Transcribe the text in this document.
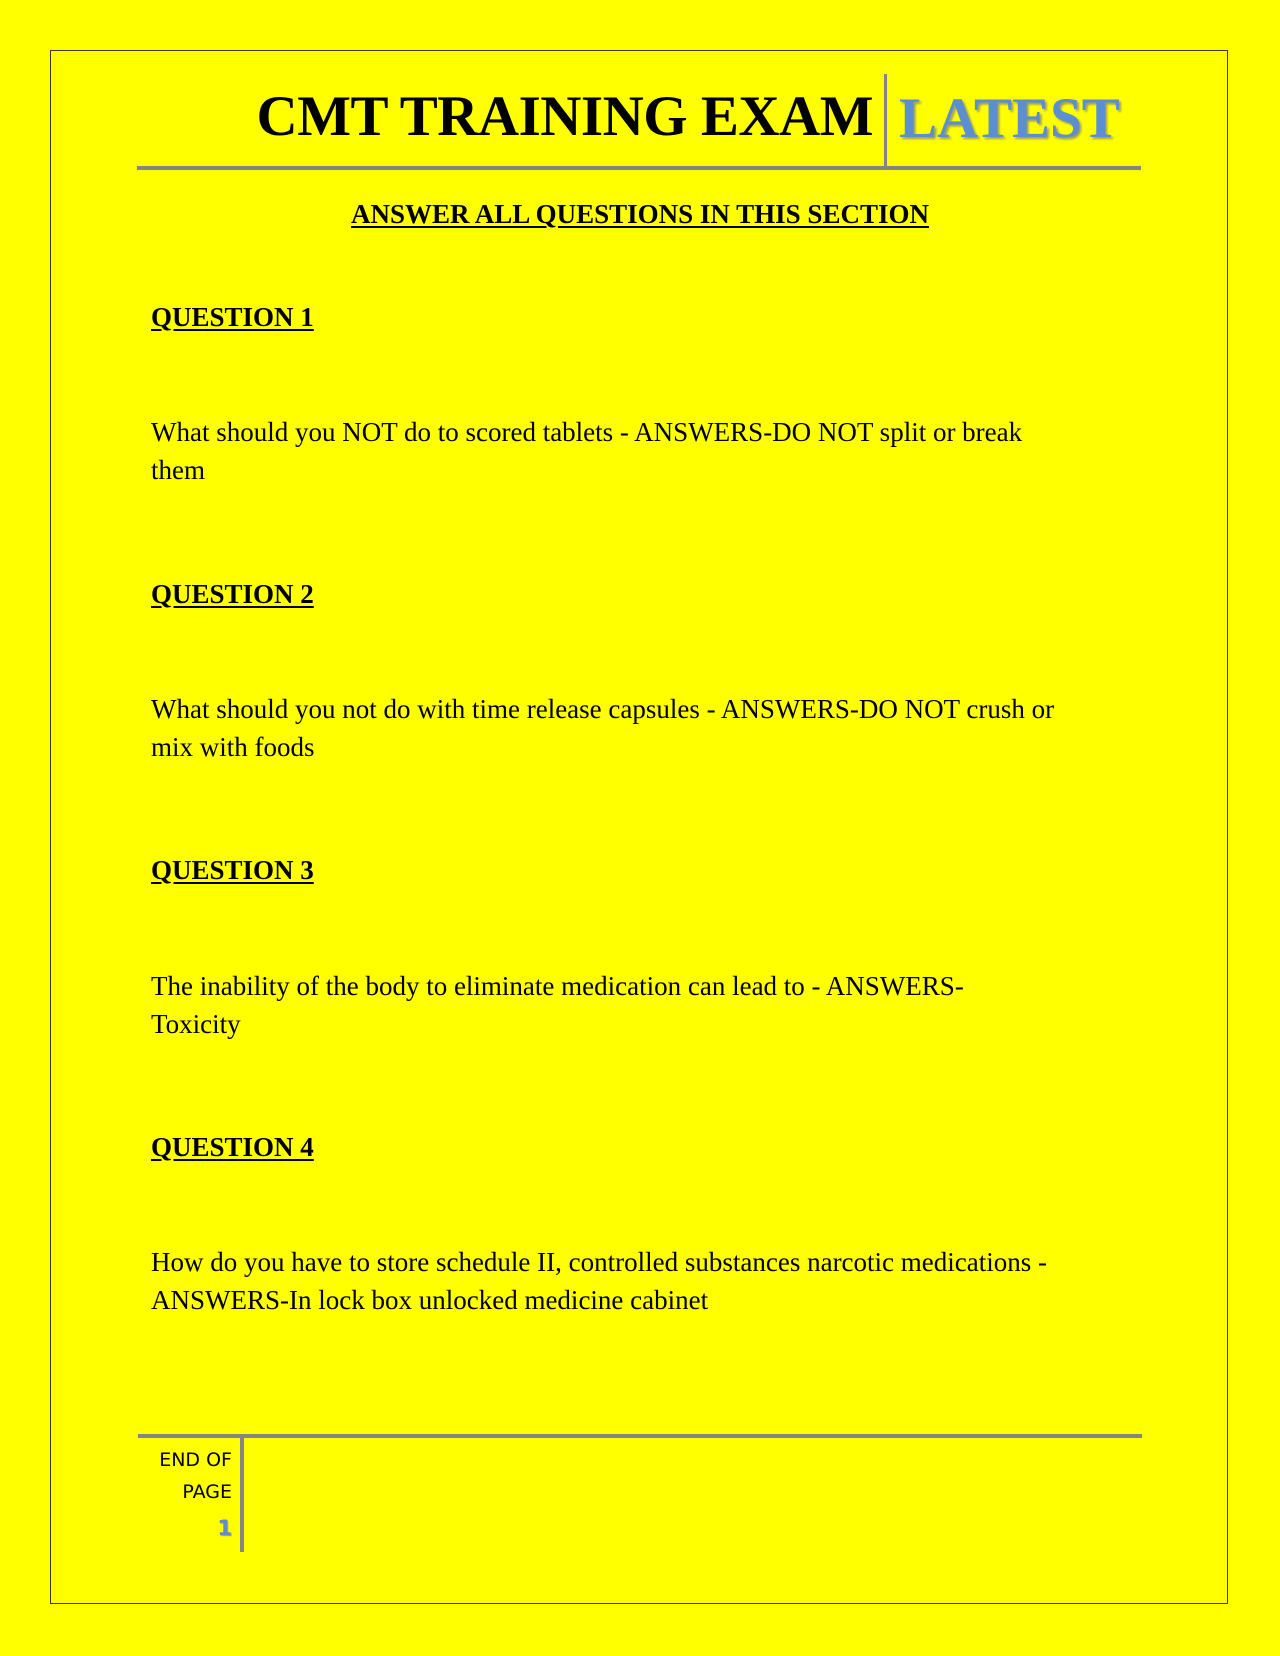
CMT TRAINING EXAM LATEST
ANSWER ALL QUESTIONS IN THIS SECTION
QUESTION 1
What should you NOT do to scored tablets - ANSWERS-DO NOT split or break them
QUESTION 2
What should you not do with time release capsules - ANSWERS-DO NOT crush or mix with foods
QUESTION 3
The inability of the body to eliminate medication can lead to - ANSWERS-Toxicity
QUESTION 4
How do you have to store schedule II, controlled substances narcotic medications - ANSWERS-In lock box unlocked medicine cabinet
END OF
PAGE
1
